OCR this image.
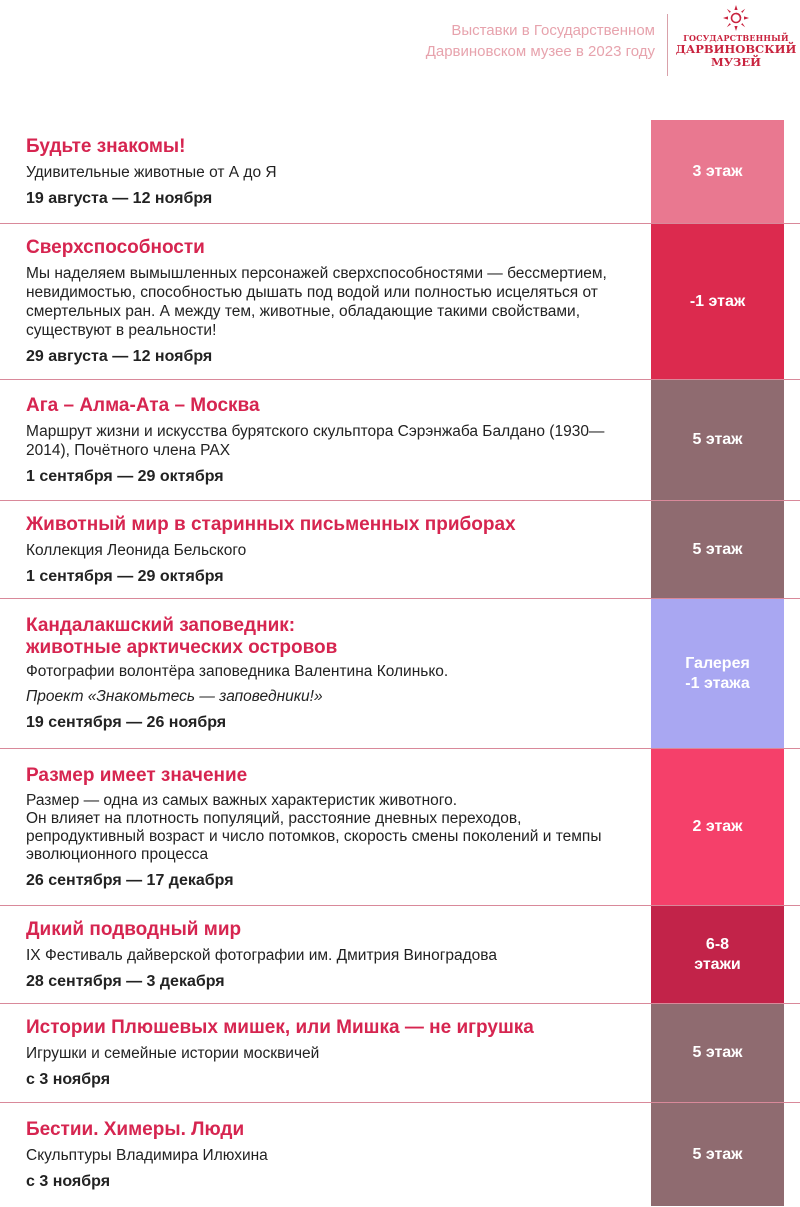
Выставки в Государственном
Дарвиновском музее в 2023 году
ГОСУДАРСТВЕННЫЙ
ДАРВИНОВСКИЙ
МУЗЕЙ
Будьте знакомы!
Удивительные животные от А до Я
19 августа — 12 ноября
3 этаж
Сверхспособности
Мы наделяем вымышленных персонажей сверхспособностями — бессмертием, невидимостью, способностью дышать под водой или полностью исцеляться от смертельных ран. А между тем, животные, обладающие такими свойствами, существуют в реальности!
29 августа — 12 ноября
-1 этаж
Ага – Алма-Ата – Москва
Маршрут жизни и искусства бурятского скульптора Сэрэнжаба Балдано (1930—2014), Почётного члена РАХ
1 сентября — 29 октября
5 этаж
Животный мир в старинных письменных приборах
Коллекция Леонида Бельского
1 сентября — 29 октября
5 этаж
Кандалакшский заповедник:
животные арктических островов
Фотографии волонтёра заповедника Валентина Колинько.
Проект «Знакомьтесь — заповедники!»
19 сентября — 26 ноября
Галерея
-1 этажа
Размер имеет значение
Размер — одна из самых важных характеристик животного.
Он влияет на плотность популяций, расстояние дневных переходов, репродуктивный возраст и число потомков, скорость смены поколений и темпы эволюционного процесса
26 сентября — 17 декабря
2 этаж
Дикий подводный мир
IX Фестиваль дайверской фотографии им. Дмитрия Виноградова
28 сентября — 3 декабря
6-8
этажи
Истории Плюшевых мишек, или Мишка — не игрушка
Игрушки и семейные истории москвичей
с 3 ноября
5 этаж
Бестии. Химеры. Люди
Скульптуры Владимира Илюхина
с 3 ноября
5 этаж
